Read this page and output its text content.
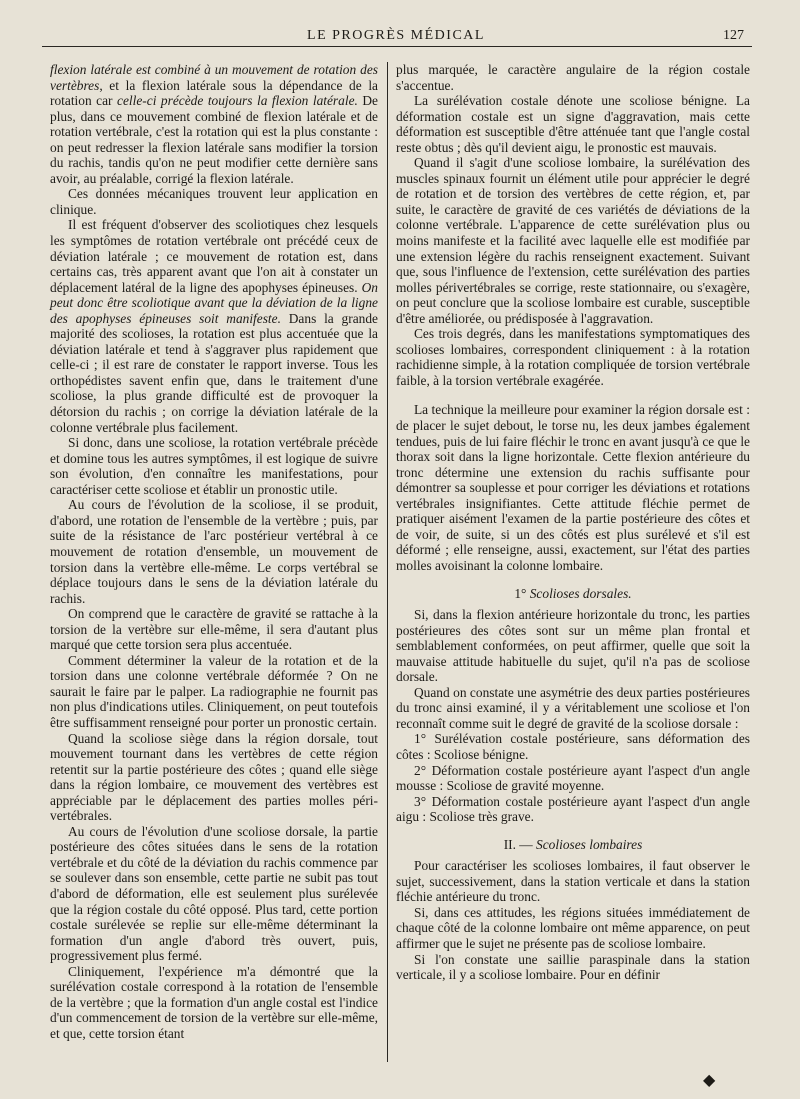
LE PROGRÈS MÉDICAL	127

flexion latérale est combiné à un mouvement de rotation des vertèbres, et la flexion latérale sous la dépendance de la rotation car celle-ci précède toujours la flexion latérale. De plus, dans ce mouvement combiné de flexion latérale et de rotation vertébrale, c'est la rotation qui est la plus constante : on peut redresser la flexion latérale sans modifier la torsion du rachis, tandis qu'on ne peut modifier cette dernière sans avoir, au préalable, corrigé la flexion latérale.

Ces données mécaniques trouvent leur application en clinique.

Il est fréquent d'observer des scoliotiques chez lesquels les symptômes de rotation vertébrale ont précédé ceux de déviation latérale ; ce mouvement de rotation est, dans certains cas, très apparent avant que l'on ait à constater un déplacement latéral de la ligne des apophyses épineuses. On peut donc être scoliotique avant que la déviation de la ligne des apophyses épineuses soit manifeste. Dans la grande majorité des scolioses, la rotation est plus accentuée que la déviation latérale et tend à s'aggraver plus rapidement que celle-ci ; il est rare de constater le rapport inverse. Tous les orthopédistes savent enfin que, dans le traitement d'une scoliose, la plus grande difficulté est de provoquer la détorsion du rachis ; on corrige la déviation latérale de la colonne vertébrale plus facilement.

Si donc, dans une scoliose, la rotation vertébrale précède et domine tous les autres symptômes, il est logique de suivre son évolution, d'en connaître les manifestations, pour caractériser cette scoliose et établir un pronostic utile.

Au cours de l'évolution de la scoliose, il se produit, d'abord, une rotation de l'ensemble de la vertèbre ; puis, par suite de la résistance de l'arc postérieur vertébral à ce mouvement de rotation d'ensemble, un mouvement de torsion dans la vertèbre elle-même. Le corps vertébral se déplace toujours dans le sens de la déviation latérale du rachis.

On comprend que le caractère de gravité se rattache à la torsion de la vertèbre sur elle-même, il sera d'autant plus marqué que cette torsion sera plus accentuée.

Comment déterminer la valeur de la rotation et de la torsion dans une colonne vertébrale déformée ? On ne saurait le faire par le palper. La radiographie ne fournit pas non plus d'indications utiles. Cliniquement, on peut toutefois être suffisamment renseigné pour porter un pronostic certain.

Quand la scoliose siège dans la région dorsale, tout mouvement tournant dans les vertèbres de cette région retentit sur la partie postérieure des côtes ; quand elle siège dans la région lombaire, ce mouvement des vertèbres est appréciable par le déplacement des parties molles péri-vertébrales.

Au cours de l'évolution d'une scoliose dorsale, la partie postérieure des côtes situées dans le sens de la rotation vertébrale et du côté de la déviation du rachis commence par se soulever dans son ensemble, cette partie ne subit pas tout d'abord de déformation, elle est seulement plus surélevée que la région costale du côté opposé. Plus tard, cette portion costale surélevée se replie sur elle-même déterminant la formation d'un angle d'abord très ouvert, puis, progressivement plus fermé.

Cliniquement, l'expérience m'a démontré que la surélévation costale correspond à la rotation de l'ensemble de la vertèbre ; que la formation d'un angle costal est l'indice d'un commencement de torsion de la vertèbre sur elle-même, et que, cette torsion étant

plus marquée, le caractère angulaire de la région costale s'accentue.

La surélévation costale dénote une scoliose bénigne. La déformation costale est un signe d'aggravation, mais cette déformation est susceptible d'être atténuée tant que l'angle costal reste obtus ; dès qu'il devient aigu, le pronostic est mauvais.

Quand il s'agit d'une scoliose lombaire, la surélévation des muscles spinaux fournit un élément utile pour apprécier le degré de rotation et de torsion des vertèbres de cette région, et, par suite, le caractère de gravité de ces variétés de déviations de la colonne vertébrale. L'apparence de cette surélévation plus ou moins manifeste et la facilité avec laquelle elle est modifiée par une extension légère du rachis renseignent exactement. Suivant que, sous l'influence de l'extension, cette surélévation des parties molles périvertébrales se corrige, reste stationnaire, ou s'exagère, on peut conclure que la scoliose lombaire est curable, susceptible d'être améliorée, ou prédisposée à l'aggravation.

Ces trois degrés, dans les manifestations symptomatiques des scolioses lombaires, correspondent cliniquement : à la rotation rachidienne simple, à la rotation compliquée de torsion vertébrale faible, à la torsion vertébrale exagérée.

La technique la meilleure pour examiner la région dorsale est : de placer le sujet debout, le torse nu, les deux jambes également tendues, puis de lui faire fléchir le tronc en avant jusqu'à ce que le thorax soit dans la ligne horizontale. Cette flexion antérieure du tronc détermine une extension du rachis suffisante pour démontrer sa souplesse et pour corriger les déviations et rotations vertébrales insignifiantes. Cette attitude fléchie permet de pratiquer aisément l'examen de la partie postérieure des côtes et de voir, de suite, si un des côtés est plus surélevé et s'il est déformé ; elle renseigne, aussi, exactement, sur l'état des parties molles avoisinant la colonne lombaire.

1° Scolioses dorsales.

Si, dans la flexion antérieure horizontale du tronc, les parties postérieures des côtes sont sur un même plan frontal et semblablement conformées, on peut affirmer, quelle que soit la mauvaise attitude habituelle du sujet, qu'il n'a pas de scoliose dorsale.

Quand on constate une asymétrie des deux parties postérieures du tronc ainsi examiné, il y a véritablement une scoliose et l'on reconnaît comme suit le degré de gravité de la scoliose dorsale :

1° Surélévation costale postérieure, sans déformation des côtes : Scoliose bénigne.

2° Déformation costale postérieure ayant l'aspect d'un angle mousse : Scoliose de gravité moyenne.

3° Déformation costale postérieure ayant l'aspect d'un angle aigu : Scoliose très grave.

II. — Scolioses lombaires

Pour caractériser les scolioses lombaires, il faut observer le sujet, successivement, dans la station verticale et dans la station fléchie antérieure du tronc.

Si, dans ces attitudes, les régions situées immédiatement de chaque côté de la colonne lombaire ont même apparence, on peut affirmer que le sujet ne présente pas de scoliose lombaire.

Si l'on constate une saillie paraspinale dans la station verticale, il y a scoliose lombaire. Pour en définir

◆
